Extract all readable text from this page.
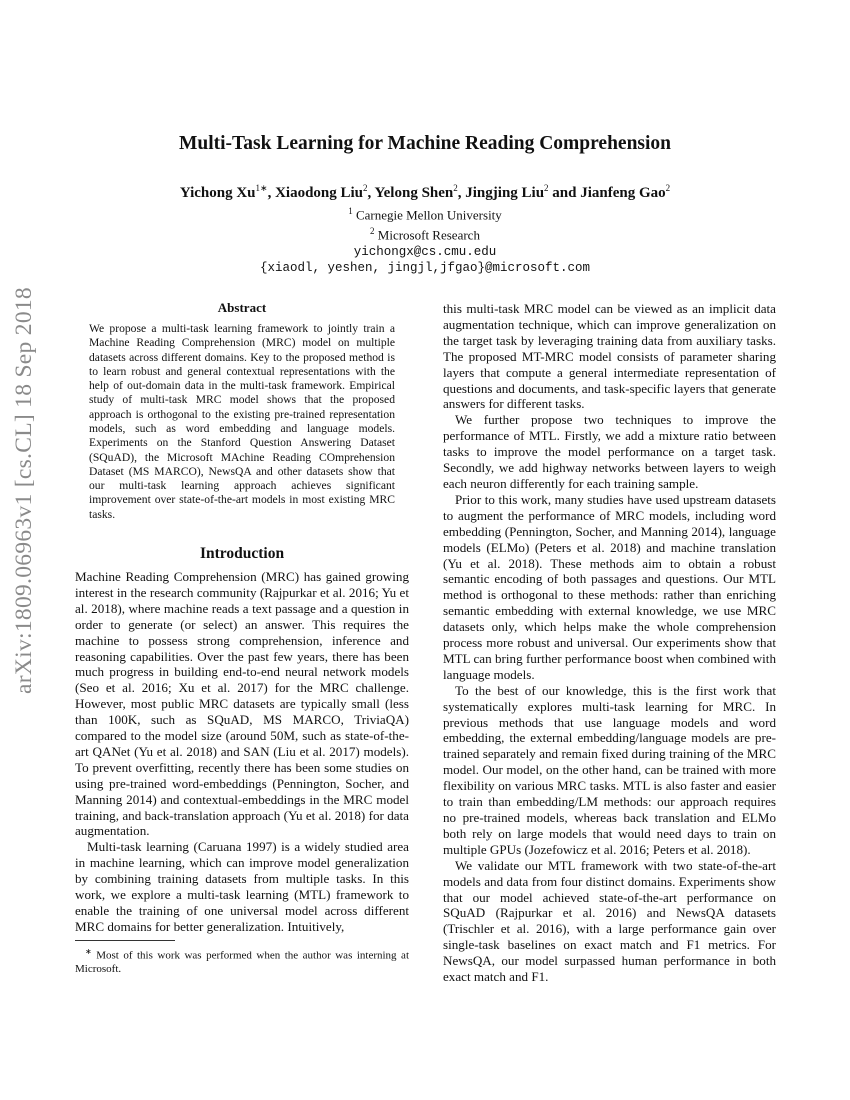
arXiv:1809.06963v1 [cs.CL] 18 Sep 2018
Multi-Task Learning for Machine Reading Comprehension
Yichong $Xu^{1∗}$, Xiaodong Liu$^2$, Yelong Shen$^2$, Jingjing Liu$^2$ and Jianfeng Gao$^2$
$^1$ Carnegie Mellon University
$^2$ Microsoft Research
yichongx@cs.cmu.edu
{xiaodl, yeshen, jingjl,jfgao}@microsoft.com
Abstract
We propose a multi-task learning framework to jointly train a Machine Reading Comprehension (MRC) model on multiple datasets across different domains. Key to the proposed method is to learn robust and general contextual representations with the help of out-domain data in the multi-task framework. Empirical study of multi-task MRC model shows that the proposed approach is orthogonal to the existing pre-trained representation models, such as word embedding and language models. Experiments on the Stanford Question Answering Dataset (SQuAD), the Microsoft MAchine Reading COmprehension Dataset (MS MARCO), NewsQA and other datasets show that our multi-task learning approach achieves significant improvement over state-of-the-art models in most existing MRC tasks.
Introduction

Machine Reading Comprehension (MRC) has gained growing interest in the research community (Rajpurkar et al. 2016; Yu et al. 2018), where machine reads a text passage and a question in order to generate (or select) an answer. This requires the machine to possess strong comprehension, inference and reasoning capabilities. Over the past few years, there has been much progress in building end-to-end neural network models (Seo et al. 2016; Xu et al. 2017) for the MRC challenge. However, most public MRC datasets are typically small (less than 100K, such as SQuAD, MS MARCO, TriviaQA) compared to the model size (around 50M, such as state-of-the-art QANet (Yu et al. 2018) and SAN (Liu et al. 2017) models). To prevent overfitting, recently there has been some studies on using pre-trained word-embeddings (Pennington, Socher, and Manning 2014) and contextual-embeddings in the MRC model training, and back-translation approach (Yu et al. 2018) for data augmentation.

Multi-task learning (Caruana 1997) is a widely studied area in machine learning, which can improve model generalization by combining training datasets from multiple tasks. In this work, we explore a multi-task learning (MTL) framework to enable the training of one universal model across different MRC domains for better generalization. Intuitively,

∗ Most of this work was performed when the author was interning at Microsoft.

this multi-task MRC model can be viewed as an implicit data augmentation technique, which can improve generalization on the target task by leveraging training data from auxiliary tasks. The proposed MT-MRC model consists of parameter sharing layers that compute a general intermediate representation of questions and documents, and task-specific layers that generate answers for different tasks.

We further propose two techniques to improve the performance of MTL. Firstly, we add a mixture ratio between tasks to improve the model performance on a target task. Secondly, we add highway networks between layers to weigh each neuron differently for each training sample.

Prior to this work, many studies have used upstream datasets to augment the performance of MRC models, including word embedding (Pennington, Socher, and Manning 2014), language models (ELMo) (Peters et al. 2018) and machine translation (Yu et al. 2018). These methods aim to obtain a robust semantic encoding of both passages and questions. Our MTL method is orthogonal to these methods: rather than enriching semantic embedding with external knowledge, we use MRC datasets only, which helps make the whole comprehension process more robust and universal. Our experiments show that MTL can bring further performance boost when combined with language models.

To the best of our knowledge, this is the first work that systematically explores multi-task learning for MRC. In previous methods that use language models and word embedding, the external embedding/language models are pre-trained separately and remain fixed during training of the MRC model. Our model, on the other hand, can be trained with more flexibility on various MRC tasks. MTL is also faster and easier to train than embedding/LM methods: our approach requires no pre-trained models, whereas back translation and ELMo both rely on large models that would need days to train on multiple GPUs (Jozefowicz et al. 2016; Peters et al. 2018).

We validate our MTL framework with two state-of-the-art models and data from four distinct domains. Experiments show that our model achieved state-of-the-art performance on SQuAD (Rajpurkar et al. 2016) and NewsQA datasets (Trischler et al. 2016), with a large performance gain over single-task baselines on exact match and F1 metrics. For NewsQA, our model surpassed human performance in both exact match and F1.
